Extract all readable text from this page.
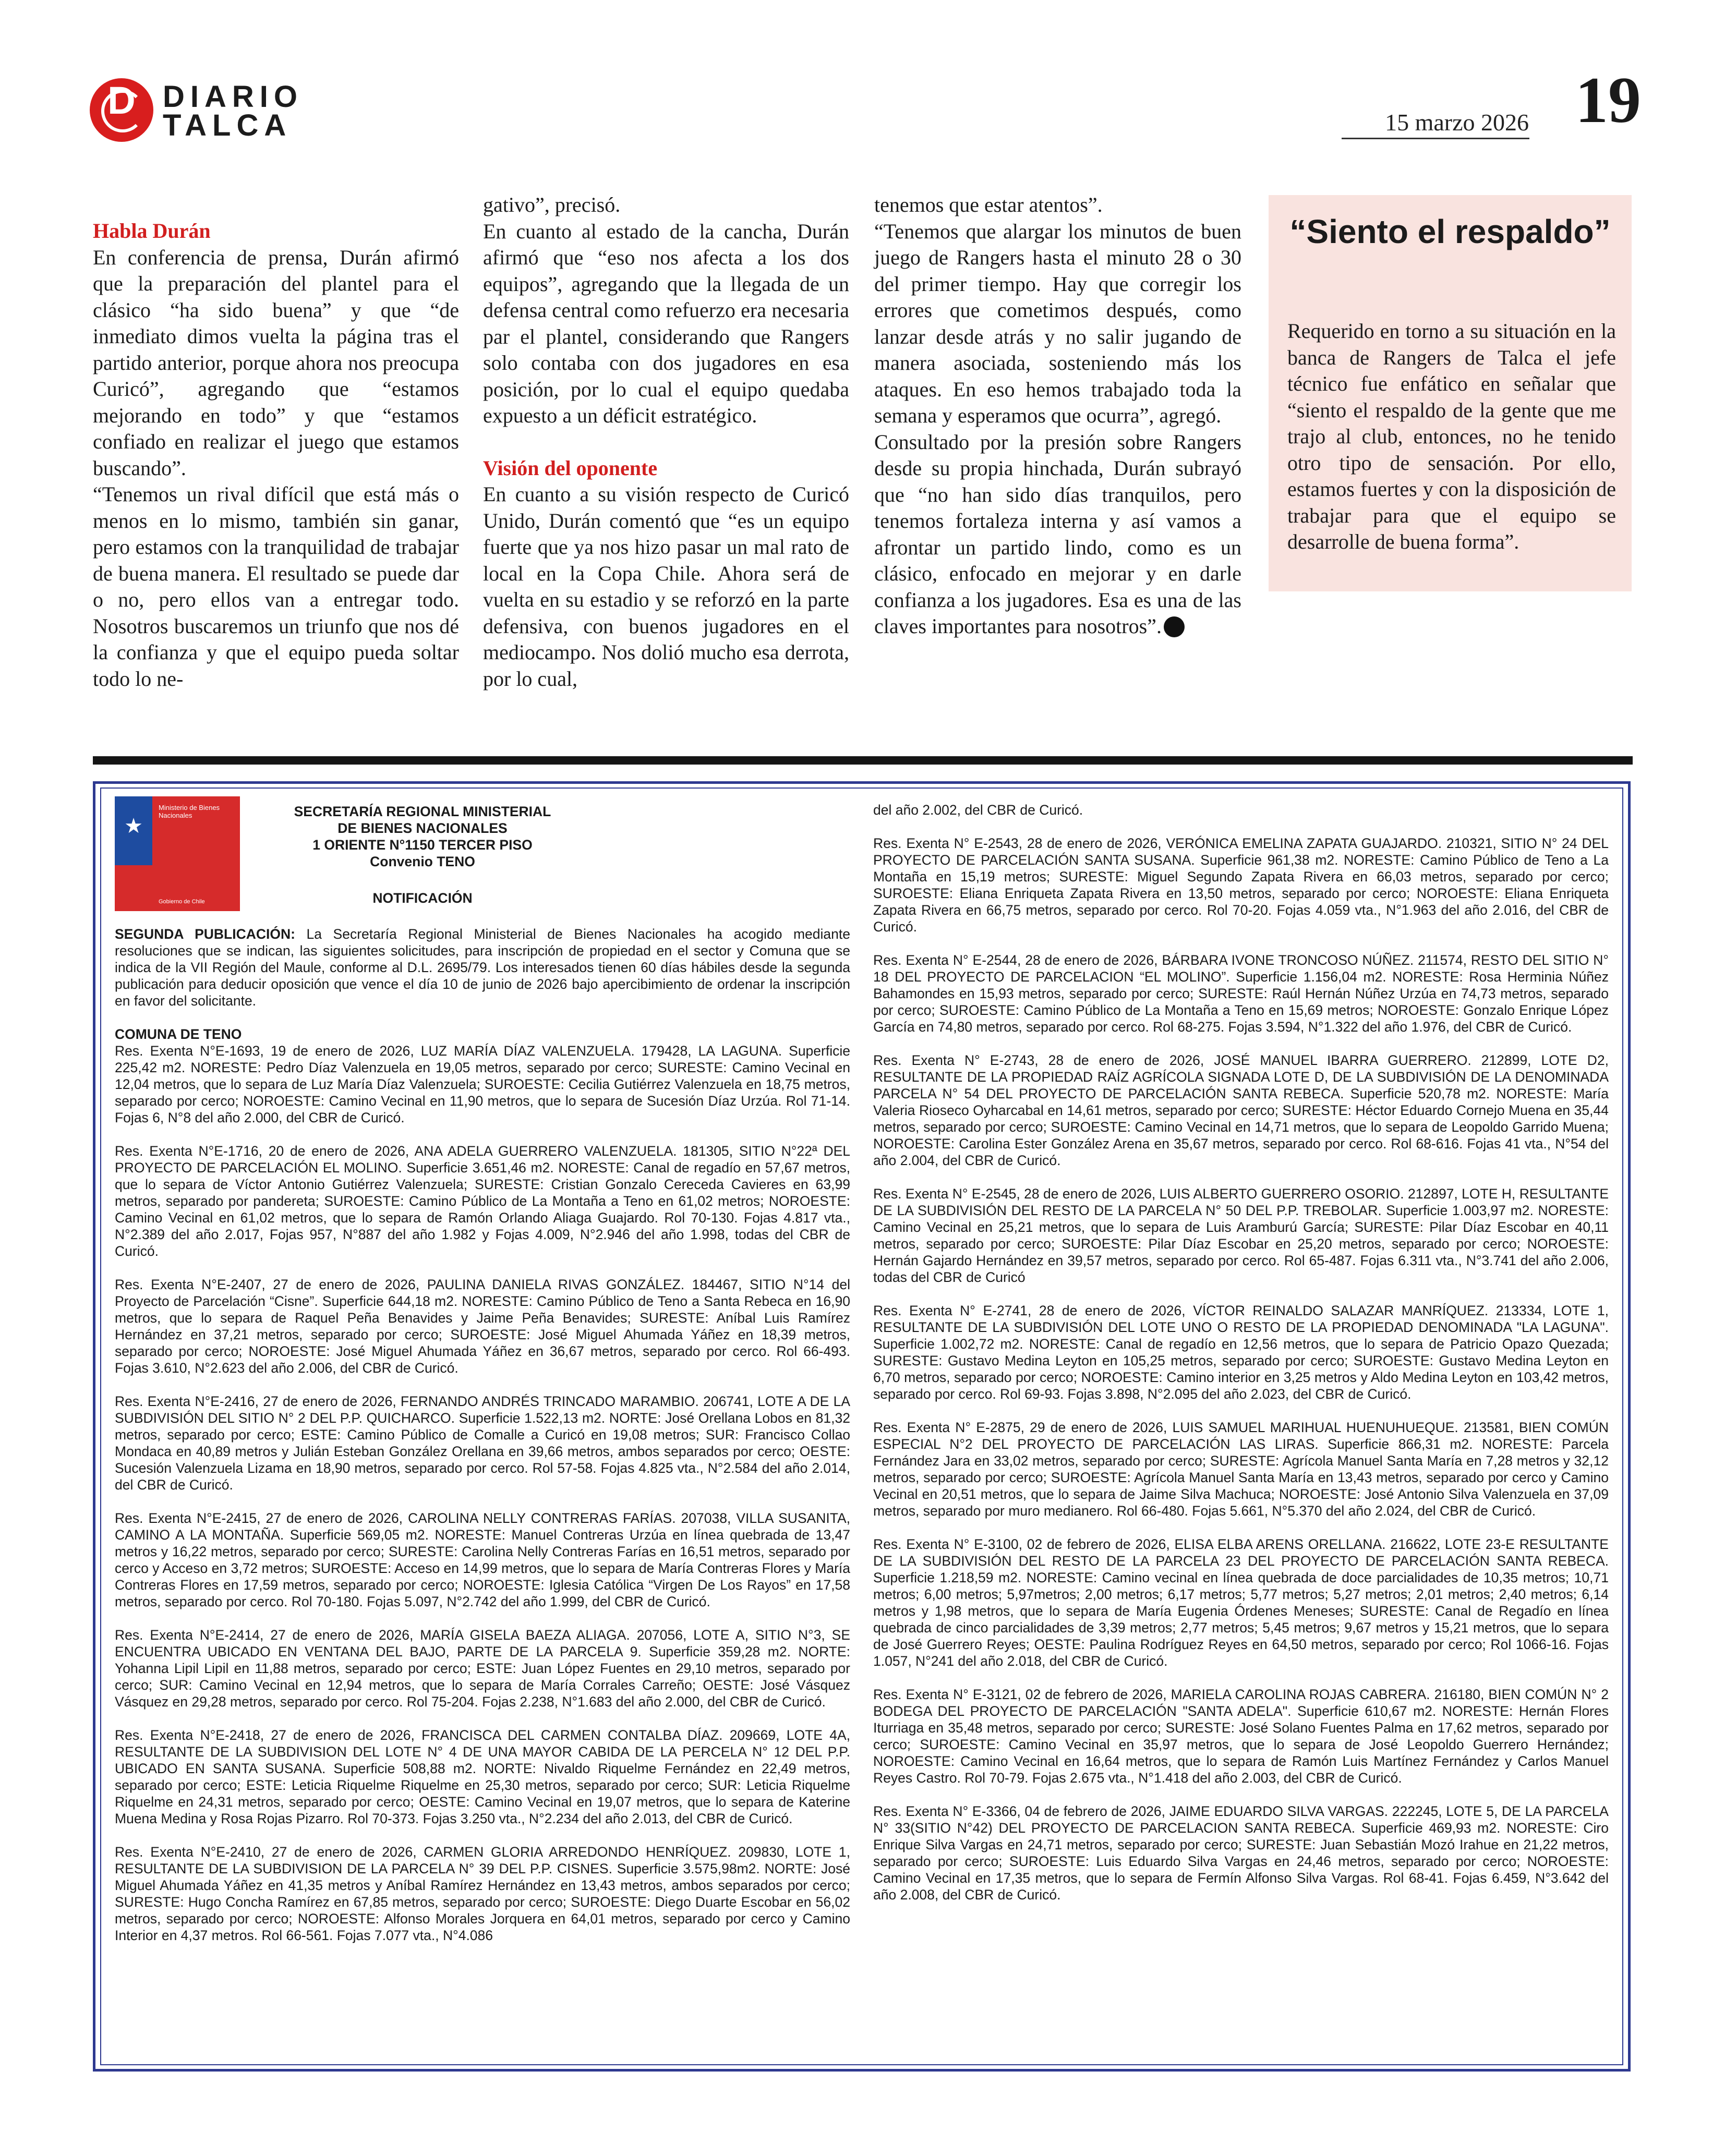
D DIARIO
TALCA	15 marzo 2026 19
Habla Durán

En conferencia de prensa, Durán afirmó que la preparación del plantel para el clásico “ha sido buena” y que “de inmediato dimos vuelta la página tras el partido anterior, porque ahora nos preocupa Curicó”, agregando que “estamos mejorando en todo” y que “estamos confiado en realizar el juego que estamos buscando”.

“Tenemos un rival difícil que está más o menos en lo mismo, también sin ganar, pero estamos con la tranquilidad de trabajar de buena manera. El resultado se puede dar o no, pero ellos van a entregar todo. Nosotros buscaremos un triunfo que nos dé la confianza y que el equipo pueda soltar todo lo ne-

gativo”, precisó.

En cuanto al estado de la cancha, Durán afirmó que “eso nos afecta a los dos equipos”, agregando que la llegada de un defensa central como refuerzo era necesaria par el plantel, considerando que Rangers solo contaba con dos jugadores en esa posición, por lo cual el equipo quedaba expuesto a un déficit estratégico.

Visión del oponente

En cuanto a su visión respecto de Curicó Unido, Durán comentó que “es un equipo fuerte que ya nos hizo pasar un mal rato de local en la Copa Chile. Ahora será de vuelta en su estadio y se reforzó en la parte defensiva, con buenos jugadores en el mediocampo. Nos dolió mucho esa derrota, por lo cual,

tenemos que estar atentos”.

“Tenemos que alargar los minutos de buen juego de Rangers hasta el minuto 28 o 30 del primer tiempo. Hay que corregir los errores que cometimos después, como lanzar desde atrás y no salir jugando de manera asociada, sosteniendo más los ataques. En eso hemos trabajado toda la semana y esperamos que ocurra”, agregó.

Consultado por la presión sobre Rangers desde su propia hinchada, Durán subrayó que “no han sido días tranquilos, pero tenemos fortaleza interna y así vamos a afrontar un partido lindo, como es un clásico, enfocado en mejorar y en darle confianza a los jugadores. Esa es una de las claves importantes para nosotros”.

“Siento el respaldo”

Requerido en torno a su situación en la banca de Rangers de Talca el jefe técnico fue enfático en señalar que “siento el respaldo de la gente que me trajo al club, entonces, no he tenido otro tipo de sensación. Por ello, estamos fuertes y con la disposición de trabajar para que el equipo se desarrolle de buena forma”.

★
Ministerio de Bienes Nacionales
Gobierno de Chile
SECRETARÍA REGIONAL MINISTERIAL
DE BIENES NACIONALES
1 ORIENTE N°1150 TERCER PISO
Convenio TENO
NOTIFICACIÓN

SEGUNDA PUBLICACIÓN: La Secretaría Regional Ministerial de Bienes Nacionales ha acogido mediante resoluciones que se indican, las siguientes solicitudes, para inscripción de propiedad en el sector y Comuna que se indica de la VII Región del Maule, conforme al D.L. 2695/79. Los interesados tienen 60 días hábiles desde la segunda publicación para deducir oposición que vence el día 10 de junio de 2026 bajo apercibimiento de ordenar la inscripción en favor del solicitante.

COMUNA DE TENO

Res. Exenta N°E-1693, 19 de enero de 2026, LUZ MARÍA DÍAZ VALENZUELA. 179428, LA LAGUNA. Superficie 225,42 m2. NORESTE: Pedro Díaz Valenzuela en 19,05 metros, separado por cerco; SURESTE: Camino Vecinal en 12,04 metros, que lo separa de Luz María Díaz Valenzuela; SUROESTE: Cecilia Gutiérrez Valenzuela en 18,75 metros, separado por cerco; NOROESTE: Camino Vecinal en 11,90 metros, que lo separa de Sucesión Díaz Urzúa. Rol 71-14. Fojas 6, N°8 del año 2.000, del CBR de Curicó.

Res. Exenta N°E-1716, 20 de enero de 2026, ANA ADELA GUERRERO VALENZUELA. 181305, SITIO N°22ª DEL PROYECTO DE PARCELACIÓN EL MOLINO. Superficie 3.651,46 m2. NORESTE: Canal de regadío en 57,67 metros, que lo separa de Víctor Antonio Gutiérrez Valenzuela; SURESTE: Cristian Gonzalo Cereceda Cavieres en 63,99 metros, separado por pandereta; SUROESTE: Camino Público de La Montaña a Teno en 61,02 metros; NOROESTE: Camino Vecinal en 61,02 metros, que lo separa de Ramón Orlando Aliaga Guajardo. Rol 70-130. Fojas 4.817 vta., N°2.389 del año 2.017, Fojas 957, N°887 del año 1.982 y Fojas 4.009, N°2.946 del año 1.998, todas del CBR de Curicó.

Res. Exenta N°E-2407, 27 de enero de 2026, PAULINA DANIELA RIVAS GONZÁLEZ. 184467, SITIO N°14 del Proyecto de Parcelación “Cisne”. Superficie 644,18 m2. NORESTE: Camino Público de Teno a Santa Rebeca en 16,90 metros, que lo separa de Raquel Peña Benavides y Jaime Peña Benavides; SURESTE: Aníbal Luis Ramírez Hernández en 37,21 metros, separado por cerco; SUROESTE: José Miguel Ahumada Yáñez en 18,39 metros, separado por cerco; NOROESTE: José Miguel Ahumada Yáñez en 36,67 metros, separado por cerco. Rol 66-493. Fojas 3.610, N°2.623 del año 2.006, del CBR de Curicó.

Res. Exenta N°E-2416, 27 de enero de 2026, FERNANDO ANDRÉS TRINCADO MARAMBIO. 206741, LOTE A DE LA SUBDIVISIÓN DEL SITIO N° 2 DEL P.P. QUICHARCO. Superficie 1.522,13 m2. NORTE: José Orellana Lobos en 81,32 metros, separado por cerco; ESTE: Camino Público de Comalle a Curicó en 19,08 metros; SUR: Francisco Collao Mondaca en 40,89 metros y Julián Esteban González Orellana en 39,66 metros, ambos separados por cerco; OESTE: Sucesión Valenzuela Lizama en 18,90 metros, separado por cerco. Rol 57-58. Fojas 4.825 vta., N°2.584 del año 2.014, del CBR de Curicó.

Res. Exenta N°E-2415, 27 de enero de 2026, CAROLINA NELLY CONTRERAS FARÍAS. 207038, VILLA SUSANITA, CAMINO A LA MONTAÑA. Superficie 569,05 m2. NORESTE: Manuel Contreras Urzúa en línea quebrada de 13,47 metros y 16,22 metros, separado por cerco; SURESTE: Carolina Nelly Contreras Farías en 16,51 metros, separado por cerco y Acceso en 3,72 metros; SUROESTE: Acceso en 14,99 metros, que lo separa de María Contreras Flores y María Contreras Flores en 17,59 metros, separado por cerco; NOROESTE: Iglesia Católica “Virgen De Los Rayos” en 17,58 metros, separado por cerco. Rol 70-180. Fojas 5.097, N°2.742 del año 1.999, del CBR de Curicó.

Res. Exenta N°E-2414, 27 de enero de 2026, MARÍA GISELA BAEZA ALIAGA. 207056, LOTE A, SITIO N°3, SE ENCUENTRA UBICADO EN VENTANA DEL BAJO, PARTE DE LA PARCELA 9. Superficie 359,28 m2. NORTE: Yohanna Lipil Lipil en 11,88 metros, separado por cerco; ESTE: Juan López Fuentes en 29,10 metros, separado por cerco; SUR: Camino Vecinal en 12,94 metros, que lo separa de María Corrales Carreño; OESTE: José Vásquez Vásquez en 29,28 metros, separado por cerco. Rol 75-204. Fojas 2.238, N°1.683 del año 2.000, del CBR de Curicó.

Res. Exenta N°E-2418, 27 de enero de 2026, FRANCISCA DEL CARMEN CONTALBA DÍAZ. 209669, LOTE 4A, RESULTANTE DE LA SUBDIVISION DEL LOTE N° 4 DE UNA MAYOR CABIDA DE LA PERCELA N° 12 DEL P.P. UBICADO EN SANTA SUSANA. Superficie 508,88 m2. NORTE: Nivaldo Riquelme Fernández en 22,49 metros, separado por cerco; ESTE: Leticia Riquelme Riquelme en 25,30 metros, separado por cerco; SUR: Leticia Riquelme Riquelme en 24,31 metros, separado por cerco; OESTE: Camino Vecinal en 19,07 metros, que lo separa de Katerine Muena Medina y Rosa Rojas Pizarro. Rol 70-373. Fojas 3.250 vta., N°2.234 del año 2.013, del CBR de Curicó.

Res. Exenta N°E-2410, 27 de enero de 2026, CARMEN GLORIA ARREDONDO HENRÍQUEZ. 209830, LOTE 1, RESULTANTE DE LA SUBDIVISION DE LA PARCELA N° 39 DEL P.P. CISNES. Superficie 3.575,98m2. NORTE: José Miguel Ahumada Yáñez en 41,35 metros y Aníbal Ramírez Hernández en 13,43 metros, ambos separados por cerco; SURESTE: Hugo Concha Ramírez en 67,85 metros, separado por cerco; SUROESTE: Diego Duarte Escobar en 56,02 metros, separado por cerco; NOROESTE: Alfonso Morales Jorquera en 64,01 metros, separado por cerco y Camino Interior en 4,37 metros. Rol 66-561. Fojas 7.077 vta., N°4.086

del año 2.002, del CBR de Curicó.

Res. Exenta N° E-2543, 28 de enero de 2026, VERÓNICA EMELINA ZAPATA GUAJARDO. 210321, SITIO N° 24 DEL PROYECTO DE PARCELACIÓN SANTA SUSANA. Superficie 961,38 m2. NORESTE: Camino Público de Teno a La Montaña en 15,19 metros; SURESTE: Miguel Segundo Zapata Rivera en 66,03 metros, separado por cerco; SUROESTE: Eliana Enriqueta Zapata Rivera en 13,50 metros, separado por cerco; NOROESTE: Eliana Enriqueta Zapata Rivera en 66,75 metros, separado por cerco. Rol 70-20. Fojas 4.059 vta., N°1.963 del año 2.016, del CBR de Curicó.

Res. Exenta N° E-2544, 28 de enero de 2026, BÁRBARA IVONE TRONCOSO NÚÑEZ. 211574, RESTO DEL SITIO N° 18 DEL PROYECTO DE PARCELACION “EL MOLINO”. Superficie 1.156,04 m2. NORESTE: Rosa Herminia Núñez Bahamondes en 15,93 metros, separado por cerco; SURESTE: Raúl Hernán Núñez Urzúa en 74,73 metros, separado por cerco; SUROESTE: Camino Público de La Montaña a Teno en 15,69 metros; NOROESTE: Gonzalo Enrique López García en 74,80 metros, separado por cerco. Rol 68-275. Fojas 3.594, N°1.322 del año 1.976, del CBR de Curicó.

Res. Exenta N° E-2743, 28 de enero de 2026, JOSÉ MANUEL IBARRA GUERRERO. 212899, LOTE D2, RESULTANTE DE LA PROPIEDAD RAÍZ AGRÍCOLA SIGNADA LOTE D, DE LA SUBDIVISIÓN DE LA DENOMINADA PARCELA N° 54 DEL PROYECTO DE PARCELACIÓN SANTA REBECA. Superficie 520,78 m2. NORESTE: María Valeria Rioseco Oyharcabal en 14,61 metros, separado por cerco; SURESTE: Héctor Eduardo Cornejo Muena en 35,44 metros, separado por cerco; SUROESTE: Camino Vecinal en 14,71 metros, que lo separa de Leopoldo Garrido Muena; NOROESTE: Carolina Ester González Arena en 35,67 metros, separado por cerco. Rol 68-616. Fojas 41 vta., N°54 del año 2.004, del CBR de Curicó.

Res. Exenta N° E-2545, 28 de enero de 2026, LUIS ALBERTO GUERRERO OSORIO. 212897, LOTE H, RESULTANTE DE LA SUBDIVISIÓN DEL RESTO DE LA PARCELA N° 50 DEL P.P. TREBOLAR. Superficie 1.003,97 m2. NORESTE: Camino Vecinal en 25,21 metros, que lo separa de Luis Aramburú García; SURESTE: Pilar Díaz Escobar en 40,11 metros, separado por cerco; SUROESTE: Pilar Díaz Escobar en 25,20 metros, separado por cerco; NOROESTE: Hernán Gajardo Hernández en 39,57 metros, separado por cerco. Rol 65-487. Fojas 6.311 vta., N°3.741 del año 2.006, todas del CBR de Curicó

Res. Exenta N° E-2741, 28 de enero de 2026, VÍCTOR REINALDO SALAZAR MANRÍQUEZ. 213334, LOTE 1, RESULTANTE DE LA SUBDIVISIÓN DEL LOTE UNO O RESTO DE LA PROPIEDAD DENOMINADA "LA LAGUNA". Superficie 1.002,72 m2. NORESTE: Canal de regadío en 12,56 metros, que lo separa de Patricio Opazo Quezada; SURESTE: Gustavo Medina Leyton en 105,25 metros, separado por cerco; SUROESTE: Gustavo Medina Leyton en 6,70 metros, separado por cerco; NOROESTE: Camino interior en 3,25 metros y Aldo Medina Leyton en 103,42 metros, separado por cerco. Rol 69-93. Fojas 3.898, N°2.095 del año 2.023, del CBR de Curicó.

Res. Exenta N° E-2875, 29 de enero de 2026, LUIS SAMUEL MARIHUAL HUENUHUEQUE. 213581, BIEN COMÚN ESPECIAL N°2 DEL PROYECTO DE PARCELACIÓN LAS LIRAS. Superficie 866,31 m2. NORESTE: Parcela Fernández Jara en 33,02 metros, separado por cerco; SURESTE: Agrícola Manuel Santa María en 7,28 metros y 32,12 metros, separado por cerco; SUROESTE: Agrícola Manuel Santa María en 13,43 metros, separado por cerco y Camino Vecinal en 20,51 metros, que lo separa de Jaime Silva Machuca; NOROESTE: José Antonio Silva Valenzuela en 37,09 metros, separado por muro medianero. Rol 66-480. Fojas 5.661, N°5.370 del año 2.024, del CBR de Curicó.

Res. Exenta N° E-3100, 02 de febrero de 2026, ELISA ELBA ARENS ORELLANA. 216622, LOTE 23-E RESULTANTE DE LA SUBDIVISIÓN DEL RESTO DE LA PARCELA 23 DEL PROYECTO DE PARCELACIÓN SANTA REBECA. Superficie 1.218,59 m2. NORESTE: Camino vecinal en línea quebrada de doce parcialidades de 10,35 metros; 10,71 metros; 6,00 metros; 5,97metros; 2,00 metros; 6,17 metros; 5,77 metros; 5,27 metros; 2,01 metros; 2,40 metros; 6,14 metros y 1,98 metros, que lo separa de María Eugenia Órdenes Meneses; SURESTE: Canal de Regadío en línea quebrada de cinco parcialidades de 3,39 metros; 2,77 metros; 5,45 metros; 9,67 metros y 15,21 metros, que lo separa de José Guerrero Reyes; OESTE: Paulina Rodríguez Reyes en 64,50 metros, separado por cerco; Rol 1066-16. Fojas 1.057, N°241 del año 2.018, del CBR de Curicó.

Res. Exenta N° E-3121, 02 de febrero de 2026, MARIELA CAROLINA ROJAS CABRERA. 216180, BIEN COMÚN N° 2 BODEGA DEL PROYECTO DE PARCELACIÓN "SANTA ADELA". Superficie 610,67 m2. NORESTE: Hernán Flores Iturriaga en 35,48 metros, separado por cerco; SURESTE: José Solano Fuentes Palma en 17,62 metros, separado por cerco; SUROESTE: Camino Vecinal en 35,97 metros, que lo separa de José Leopoldo Guerrero Hernández; NOROESTE: Camino Vecinal en 16,64 metros, que lo separa de Ramón Luis Martínez Fernández y Carlos Manuel Reyes Castro. Rol 70-79. Fojas 2.675 vta., N°1.418 del año 2.003, del CBR de Curicó.

Res. Exenta N° E-3366, 04 de febrero de 2026, JAIME EDUARDO SILVA VARGAS. 222245, LOTE 5, DE LA PARCELA N° 33(SITIO N°42) DEL PROYECTO DE PARCELACION SANTA REBECA. Superficie 469,93 m2. NORESTE: Ciro Enrique Silva Vargas en 24,71 metros, separado por cerco; SURESTE: Juan Sebastián Mozó Irahue en 21,22 metros, separado por cerco; SUROESTE: Luis Eduardo Silva Vargas en 24,46 metros, separado por cerco; NOROESTE: Camino Vecinal en 17,35 metros, que lo separa de Fermín Alfonso Silva Vargas. Rol 68-41. Fojas 6.459, N°3.642 del año 2.008, del CBR de Curicó.
